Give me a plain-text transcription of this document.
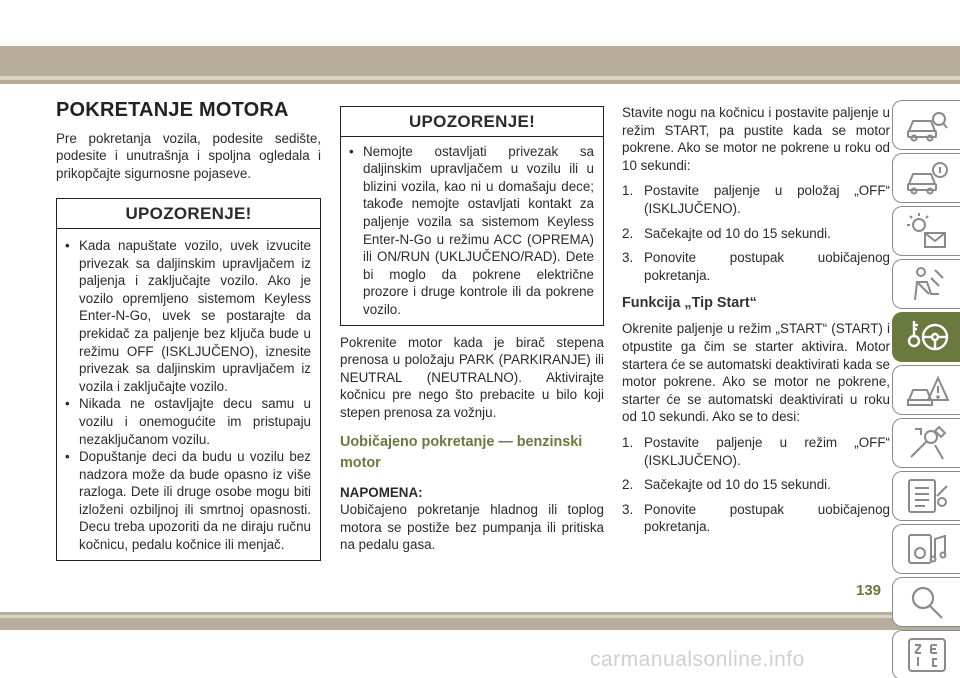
POKRETANJE MOTORA

Pre pokretanja vozila, podesite sedište, podesite i unutrašnja i spoljna ogledala i prikopčajte sigurnosne pojaseve.

UPOZORENJE!
• Kada napuštate vozilo, uvek izvucite privezak sa daljinskim upravljačem iz paljenja i zaključajte vozilo. Ako je vozilo opremljeno sistemom Keyless Enter-N-Go, uvek se postarajte da prekidač za paljenje bez ključa bude u režimu OFF (ISKLJUČENO), iznesite privezak sa daljinskim upravljačem iz vozila i zaključajte vozilo.
• Nikada ne ostavljajte decu samu u vozilu i onemogućite im pristupaju nezaključanom vozilu.
• Dopuštanje deci da budu u vozilu bez nadzora može da bude opasno iz više razloga. Dete ili druge osobe mogu biti izloženi ozbiljnoj ili smrtnoj opasnosti. Decu treba upozoriti da ne diraju ručnu kočnicu, pedalu kočnice ili menjač.
UPOZORENJE!
• Nemojte ostavljati privezak sa daljinskim upravljačem u vozilu ili u blizini vozila, kao ni u domašaju dece; takođe nemojte ostavljati kontakt za paljenje vozila sa sistemom Keyless Enter-N-Go u režimu ACC (OPREMA) ili ON/RUN (UKLJUČENO/RAD). Dete bi moglo da pokrene električne prozore i druge kontrole ili da pokrene vozilo.

Pokrenite motor kada je birač stepena prenosa u položaju PARK (PARKIRANJE) ili NEUTRAL (NEUTRALNO). Aktivirajte kočnicu pre nego što prebacite u bilo koji stepen prenosa za vožnju.

Uobičajeno pokretanje — benzinski motor
NAPOMENA:

Uobičajeno pokretanje hladnog ili toplog motora se postiže bez pumpanja ili pritiska na pedalu gasa.

Stavite nogu na kočnicu i postavite paljenje u režim START, pa pustite kada se motor pokrene. Ako se motor ne pokrene u roku od 10 sekundi:

1. Postavite paljenje u položaj „OFF“ (ISKLJUČENO).
2. Sačekajte od 10 do 15 sekundi.
3. Ponovite postupak uobičajenog pokretanja.
Funkcija „Tip Start“

Okrenite paljenje u režim „START“ (START) i otpustite ga čim se starter aktivira. Motor startera će se automatski deaktivirati kada se motor pokrene. Ako se motor ne pokrene, starter će se automatski deaktivirati u roku od 10 sekundi. Ako se to desi:

1. Postavite paljenje u režim „OFF“ (ISKLJUČENO).
2. Sačekajte od 10 do 15 sekundi.
3. Ponovite postupak uobičajenog pokretanja.
139
carmanualsonline.info
